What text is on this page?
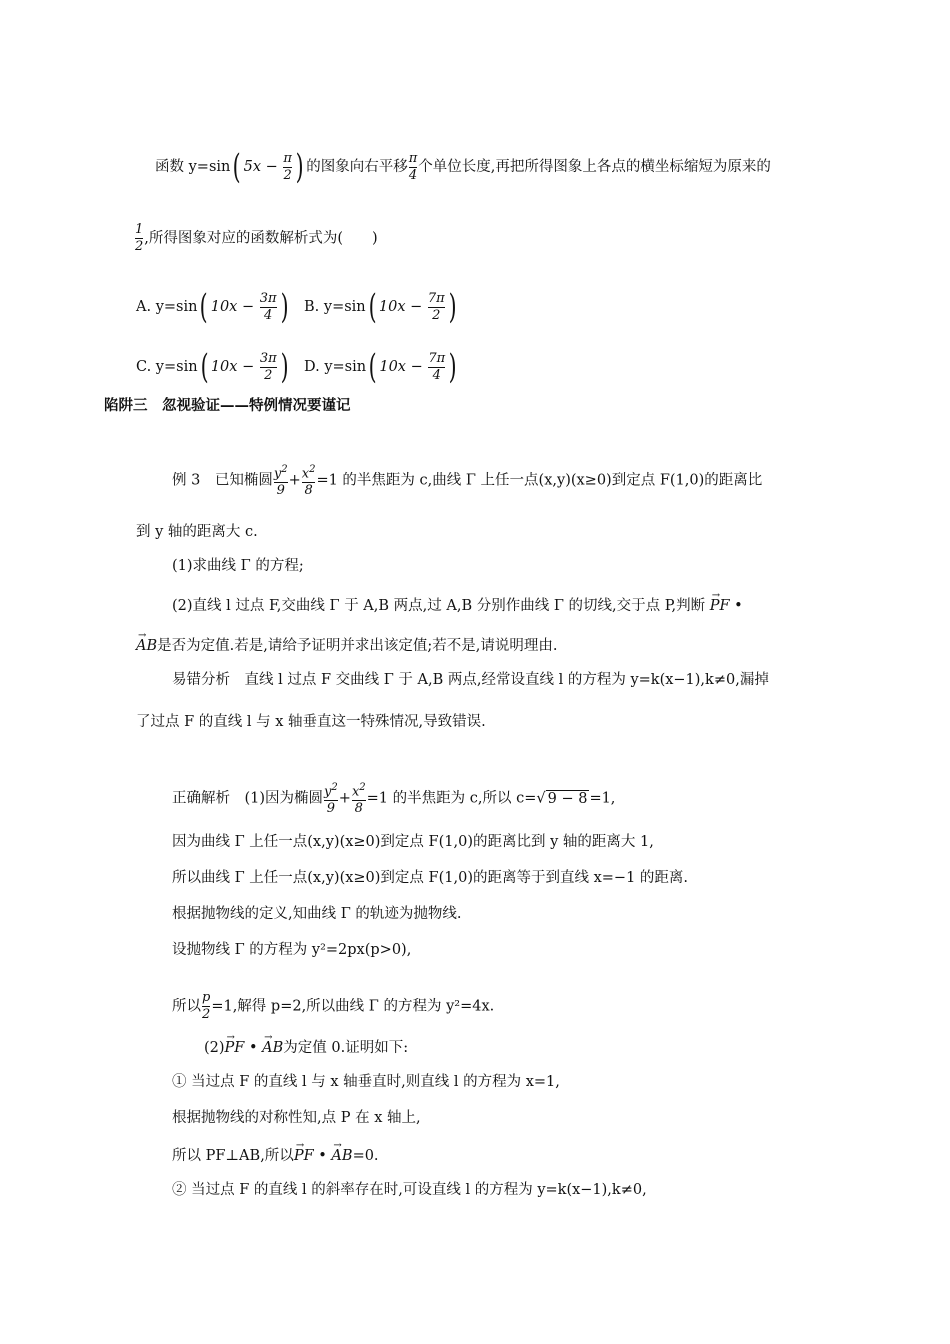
函数 y=sin( $5x - \frac{\pi}{2}$ ) 的图象向右平移 $\frac{\pi}{4}$ 个单位长度,再把所得图象上各点的横坐标缩短为原来的
$\frac{1}{2}$ ,所得图象对应的函数解析式为(　　)
A. y=sin( $10x - \frac{3\pi}{4}$ ) B. y=sin( $10x - \frac{7\pi}{2}$ )
C. y=sin( $10x - \frac{3\pi}{2}$ ) D. y=sin( $10x - \frac{7\pi}{4}$ )
陷阱三　忽视验证——特例情况要谨记
例 3　已知椭圆 $\frac{y^2}{9} + \frac{x^2}{8} =1$ 的半焦距为 c,曲线 Γ 上任一点(x,y)(x≥0)到定点 F(1,0)的距离比
到 y 轴的距离大 c.
(1)求曲线 Γ 的方程;
(2)直线 l 过点 F,交曲线 Γ 于 A,B 两点,过 A,B 分别作曲线 Γ 的切线,交于点 P,判断 → PF •
→ AB是否为定值.若是,请给予证明并求出该定值;若不是,请说明理由.
易错分析　直线 l 过点 F 交曲线 Γ 于 A,B 两点,经常设直线 l 的方程为 y=k(x−1),k≠0,漏掉
了过点 F 的直线 l 与 x 轴垂直这一特殊情况,导致错误.
正确解析　(1)因为椭圆 $\frac{y^2}{9} + \frac{x^2}{8} =1$ 的半焦距为 c,所以 c=√ 9 − 8 =1,
因为曲线 Γ 上任一点(x,y)(x≥0)到定点 F(1,0)的距离比到 y 轴的距离大 1,
所以曲线 Γ 上任一点(x,y)(x≥0)到定点 F(1,0)的距离等于到直线 x=−1 的距离.
根据抛物线的定义,知曲线 Γ 的轨迹为抛物线.
设抛物线 Γ 的方程为 y²=2px(p>0),
所以 $\frac{p}{2} =1$,解得 p=2,所以曲线 Γ 的方程为 y²=4x.
(2)→ PF • → AB为定值 0.证明如下:
① 当过点 F 的直线 l 与 x 轴垂直时,则直线 l 的方程为 x=1,
根据抛物线的对称性知,点 P 在 x 轴上,
所以 PF⊥AB,所以→ PF • → AB=0.
② 当过点 F 的直线 l 的斜率存在时,可设直线 l 的方程为 y=k(x−1),k≠0,
